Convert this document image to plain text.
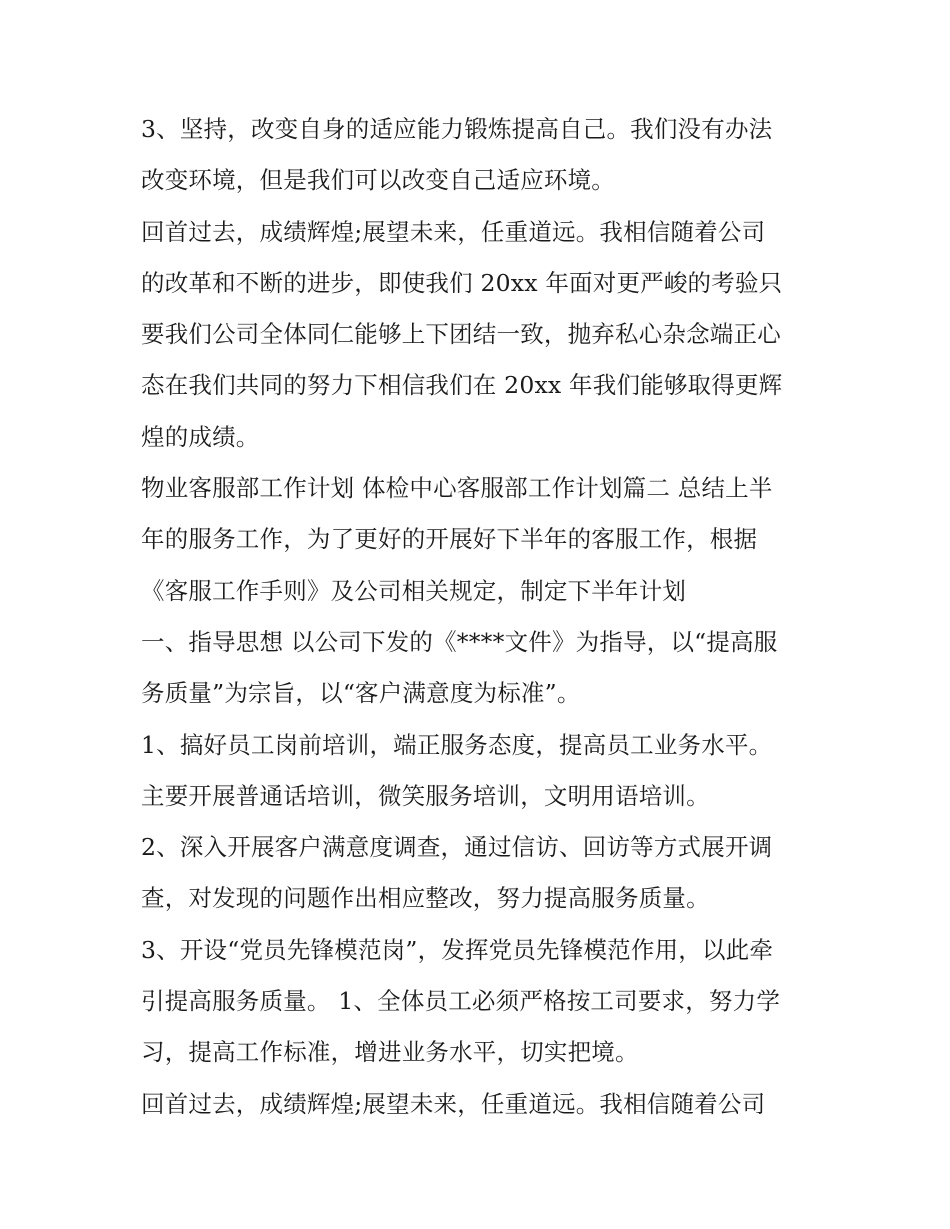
3、坚持，改变自身的适应能力锻炼提高自己。我们没有办法
改变环境，但是我们可以改变自己适应环境。
回首过去，成绩辉煌;展望未来，任重道远。我相信随着公司
的改革和不断的进步，即使我们 20xx 年面对更严峻的考验只
要我们公司全体同仁能够上下团结一致，抛弃私心杂念端正心
态在我们共同的努力下相信我们在 20xx 年我们能够取得更辉
煌的成绩。
物业客服部工作计划 体检中心客服部工作计划篇二 总结上半
年的服务工作，为了更好的开展好下半年的客服工作，根据
《客服工作手则》及公司相关规定，制定下半年计划
一、指导思想 以公司下发的《****文件》为指导，以“提高服
务质量”为宗旨，以“客户满意度为标准”。
1、搞好员工岗前培训，端正服务态度，提高员工业务水平。
主要开展普通话培训，微笑服务培训，文明用语培训。
2、深入开展客户满意度调查，通过信访、回访等方式展开调
查，对发现的问题作出相应整改，努力提高服务质量。
3、开设“党员先锋模范岗”，发挥党员先锋模范作用，以此牵
引提高服务质量。 1、全体员工必须严格按工司要求，努力学
习，提高工作标准，增进业务水平，切实把境。
回首过去，成绩辉煌;展望未来，任重道远。我相信随着公司
